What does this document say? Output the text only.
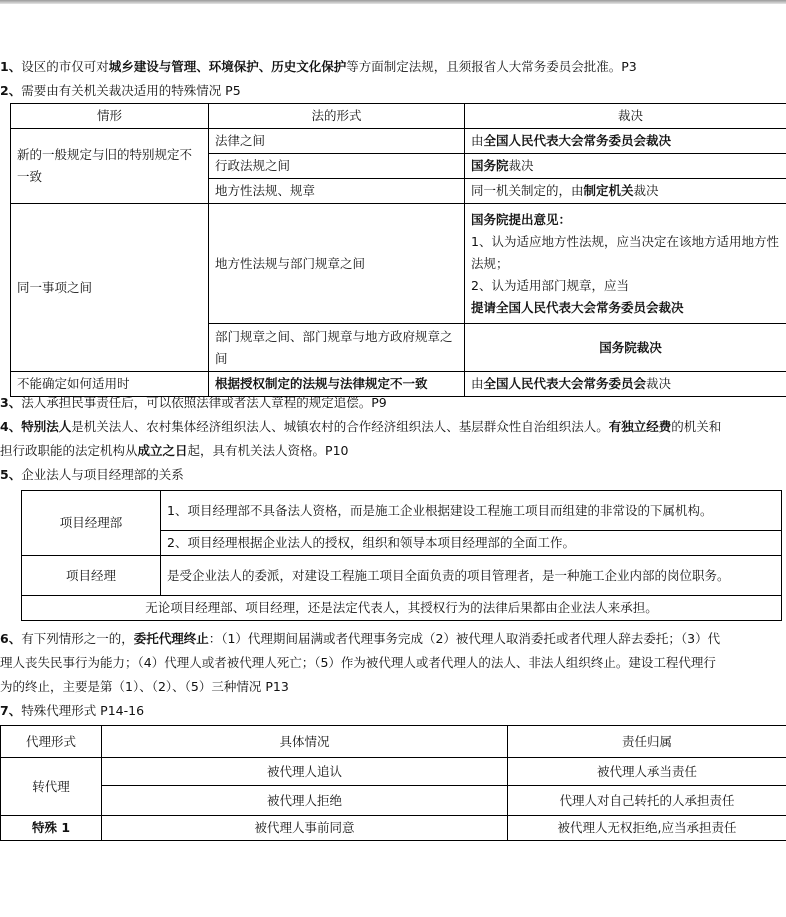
1、设区的市仅可对城乡建设与管理、环境保护、历史文化保护等方面制定法规，且须报省人大常务委员会批准。P3
2、需要由有关机关裁决适用的特殊情况 P5
情形	法的形式	裁决
新的一般规定与旧的特别规定不一致	法律之间	由全国人民代表大会常务委员会裁决
	行政法规之间	国务院裁决
	地方性法规、规章	同一机关制定的，由制定机关裁决
同一事项之间	地方性法规与部门规章之间	国务院提出意见：
1、认为适应地方性法规，应当决定在该地方适用地方性法规；
2、认为适用部门规章，应当
提请全国人民代表大会常务委员会裁决

	部门规章之间、部门规章与地方政府规章之间	国务院裁决
不能确定如何适用时	根据授权制定的法规与法律规定不一致	由全国人民代表大会常务委员会裁决
3、法人承担民事责任后，可以依照法律或者法人章程的规定追偿。P9
4、特别法人是机关法人、农村集体经济组织法人、城镇农村的合作经济组织法人、基层群众性自治组织法人。有独立经费的机关和
担行政职能的法定机构从成立之日起，具有机关法人资格。P10
5、企业法人与项目经理部的关系
项目经理部	1、项目经理部不具备法人资格，而是施工企业根据建设工程施工项目而组建的非常设的下属机构。
	2、项目经理根据企业法人的授权，组织和领导本项目经理部的全面工作。
项目经理	是受企业法人的委派，对建设工程施工项目全面负责的项目管理者，是一种施工企业内部的岗位职务。
无论项目经理部、项目经理，还是法定代表人，其授权行为的法律后果都由企业法人来承担。	
6、有下列情形之一的，委托代理终止：（1）代理期间届满或者代理事务完成（2）被代理人取消委托或者代理人辞去委托；（3）代
理人丧失民事行为能力；（4）代理人或者被代理人死亡；（5）作为被代理人或者代理人的法人、非法人组织终止。建设工程代理行
为的终止，主要是第（1）、（2）、（5）三种情况 P13
7、特殊代理形式 P14-16
代理形式	具体情况	责任归属
转代理	被代理人追认	被代理人承当责任
	被代理人拒绝	代理人对自己转托的人承担责任
特殊 1	被代理人事前同意	被代理人无权拒绝,应当承担责任
